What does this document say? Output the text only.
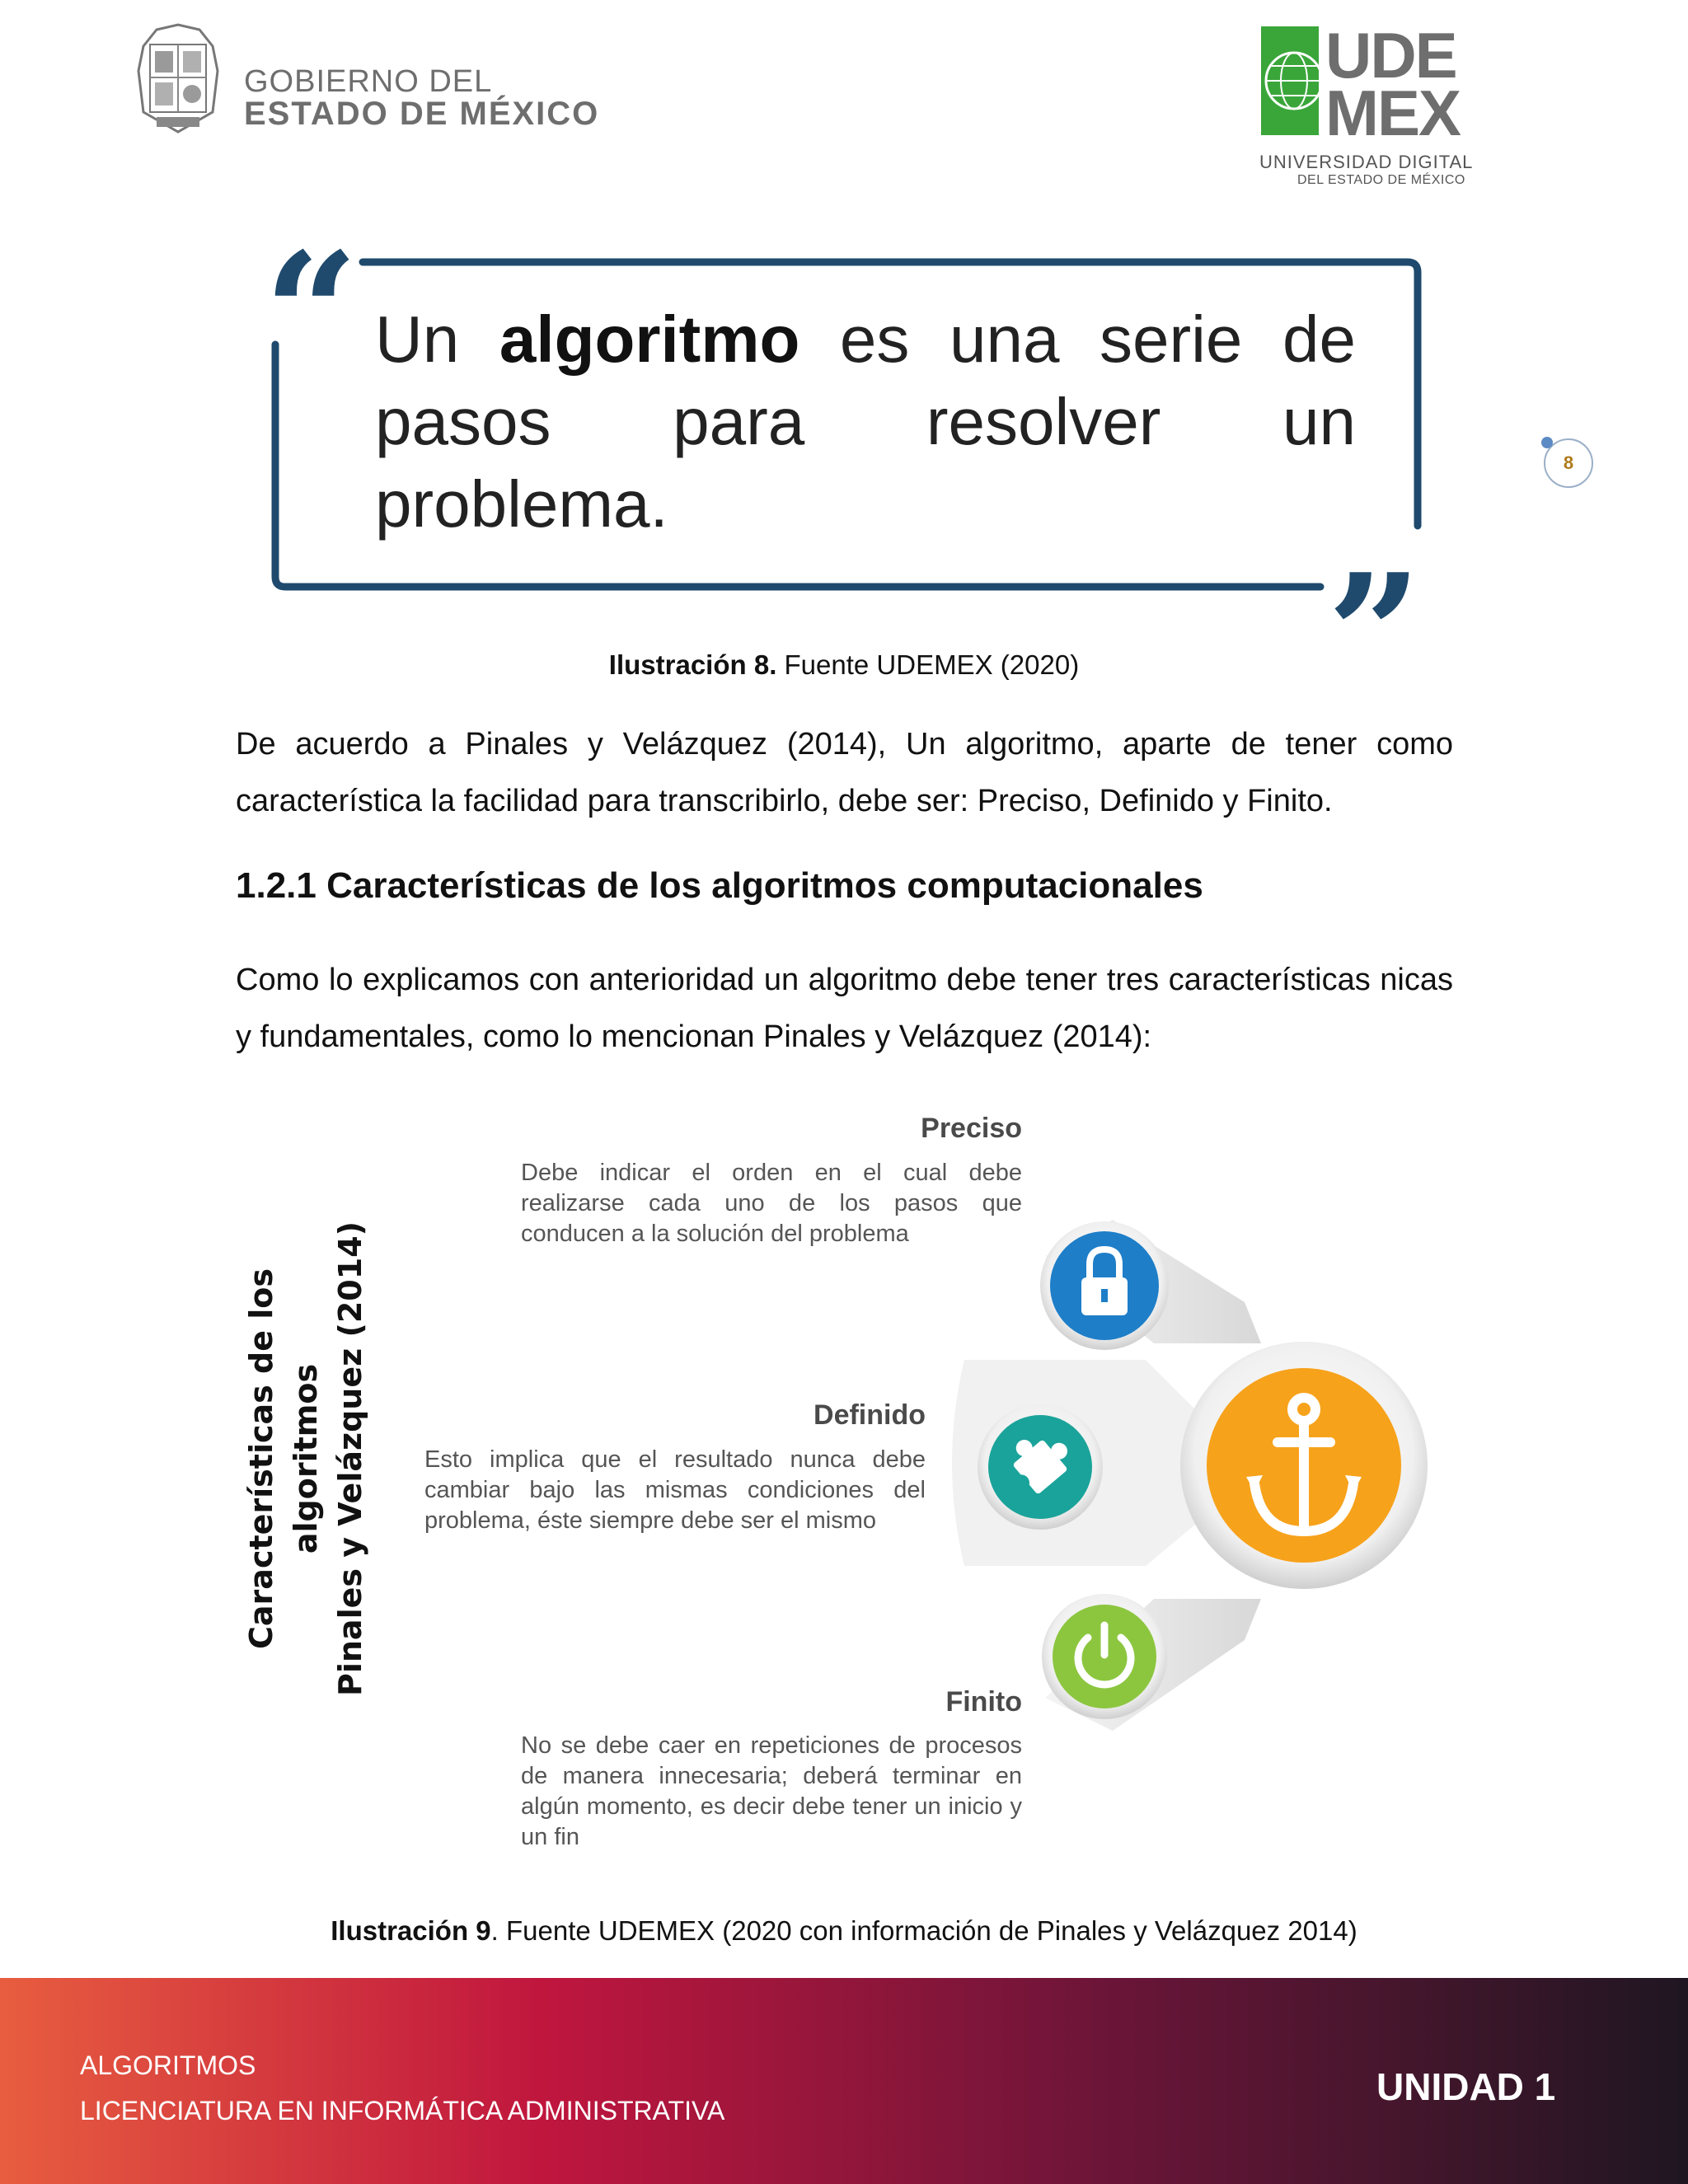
GOBIERNO DEL
ESTADO DE MÉXICO
UDE
MEX
UNIVERSIDAD DIGITAL
DEL ESTADO DE MÉXICO
“
”
Un algoritmo es una serie de pasos para resolver un problema.
8
Ilustración 8. Fuente UDEMEX (2020)
De acuerdo a Pinales y Velázquez (2014), Un algoritmo, aparte de tener como característica la facilidad para transcribirlo, debe ser: Preciso, Definido y Finito.
1.2.1 Características de los algoritmos computacionales
Como lo explicamos con anterioridad un algoritmo debe tener tres características nicas y fundamentales, como lo mencionan Pinales y Velázquez (2014):
Características de los algoritmos Pinales y Velázquez (2014)
Preciso
Debe indicar el orden en el cual debe realizarse cada uno de los pasos que conducen a la solución del problema
Definido
Esto implica que el resultado nunca debe cambiar bajo las mismas condiciones del problema, éste siempre debe ser el mismo
Finito
No se debe caer en repeticiones de procesos de manera innecesaria; deberá terminar en algún momento, es decir debe tener un inicio y un fin
Ilustración 9. Fuente UDEMEX (2020 con información de Pinales y Velázquez 2014)
ALGORITMOS
LICENCIATURA EN INFORMÁTICA ADMINISTRATIVA
UNIDAD 1
